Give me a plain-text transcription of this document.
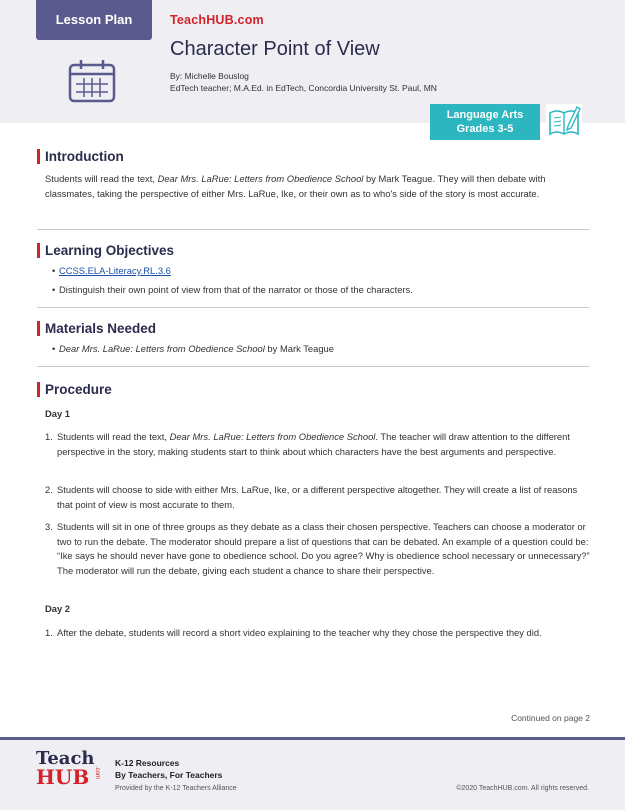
Lesson Plan	TeachHUB.com
Character Point of View
By: Michelle Bouslog
EdTech teacher; M.A.Ed. in EdTech, Concordia University St. Paul, MN
Language Arts
Grades 3-5
Introduction
Students will read the text, Dear Mrs. LaRue: Letters from Obedience School by Mark Teague. They will then debate with classmates, taking the perspective of either Mrs. LaRue, Ike, or their own as to who's side of the story is most accurate.
Learning Objectives
• CCSS.ELA-Literacy.RL.3.6
• Distinguish their own point of view from that of the narrator or those of the characters.
Materials Needed
• Dear Mrs. LaRue: Letters from Obedience School by Mark Teague
Procedure
Day 1
1. Students will read the text, Dear Mrs. LaRue: Letters from Obedience School. The teacher will draw attention to the different perspective in the story, making students start to think about which characters have the best arguments and perspective.
2. Students will choose to side with either Mrs. LaRue, Ike, or a different perspective altogether. They will create a list of reasons that point of view is most accurate to them.
3. Students will sit in one of three groups as they debate as a class their chosen perspective. Teachers can choose a moderator or two to run the debate. The moderator should prepare a list of questions that can be debated. An example of a question could be: “Ike says he should never have gone to obedience school. Do you agree? Why is obedience school necessary or unnecessary?” The moderator will run the debate, giving each student a chance to share their perspective.
Day 2
1. After the debate, students will record a short video explaining to the teacher why they chose the perspective they did.
Continued on page 2
Teach
HUB .com
K-12 Resources
By Teachers, For Teachers
Provided by the K-12 Teachers Alliance	©2020 TeachHUB.com. All rights reserved.
